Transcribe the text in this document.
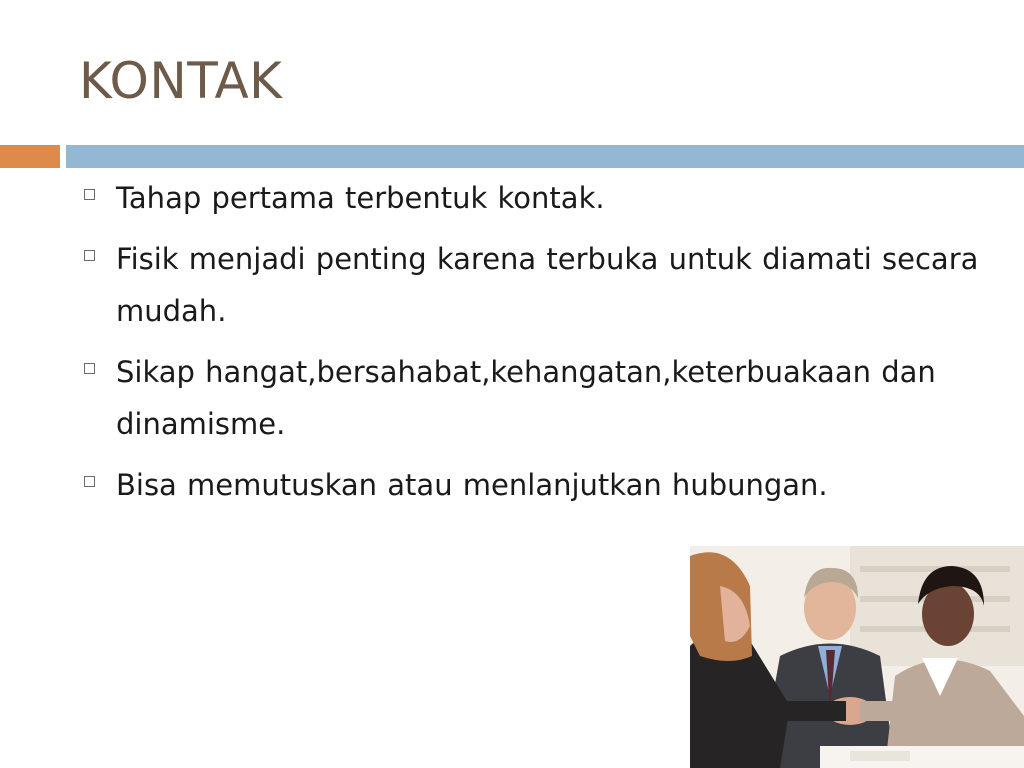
KONTAK
Tahap pertama terbentuk kontak.
Fisik menjadi penting karena terbuka untuk diamati secara mudah.
Sikap hangat,bersahabat,kehangatan,keterbuakaan dan dinamisme.
Bisa memutuskan atau menlanjutkan hubungan.
